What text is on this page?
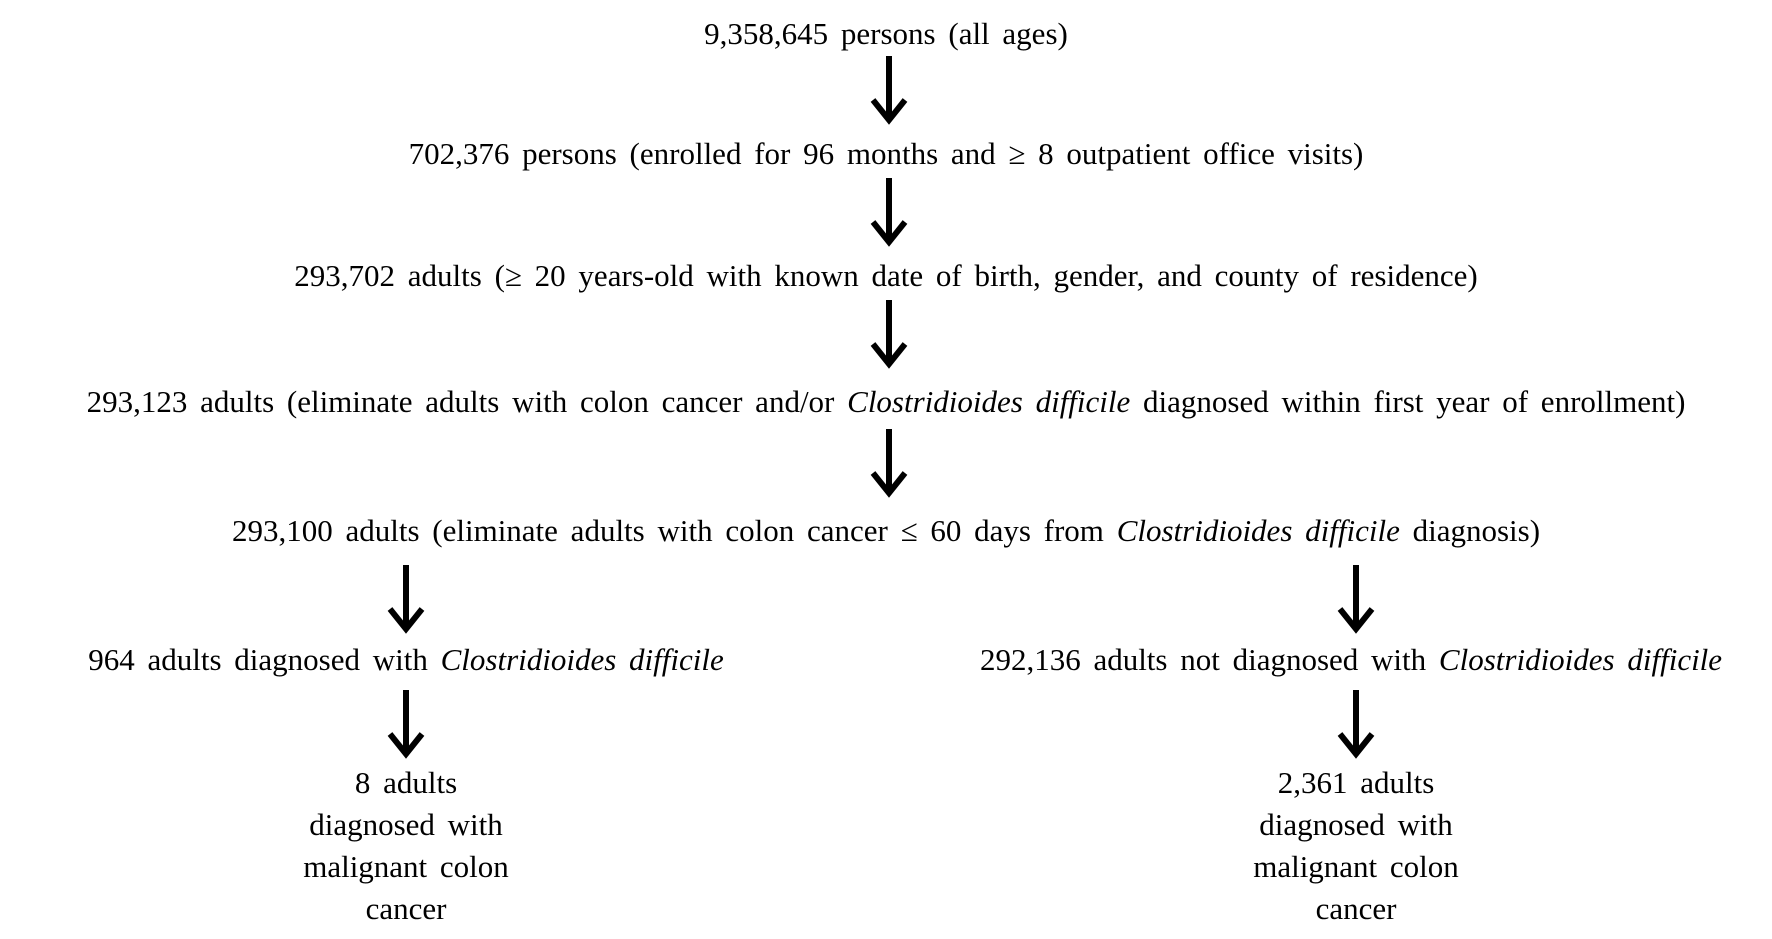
9,358,645 persons (all ages)
702,376 persons (enrolled for 96 months and ≥ 8 outpatient office visits)
293,702 adults (≥ 20 years-old with known date of birth, gender, and county of residence)
293,123 adults (eliminate adults with colon cancer and/or Clostridioides difficile diagnosed within first year of enrollment)
293,100 adults (eliminate adults with colon cancer ≤ 60 days from Clostridioides difficile diagnosis)
964 adults diagnosed with Clostridioides difficile	292,136 adults not diagnosed with Clostridioides difficile
8 adults
diagnosed with
malignant colon
cancer
2,361 adults
diagnosed with
malignant colon
cancer
